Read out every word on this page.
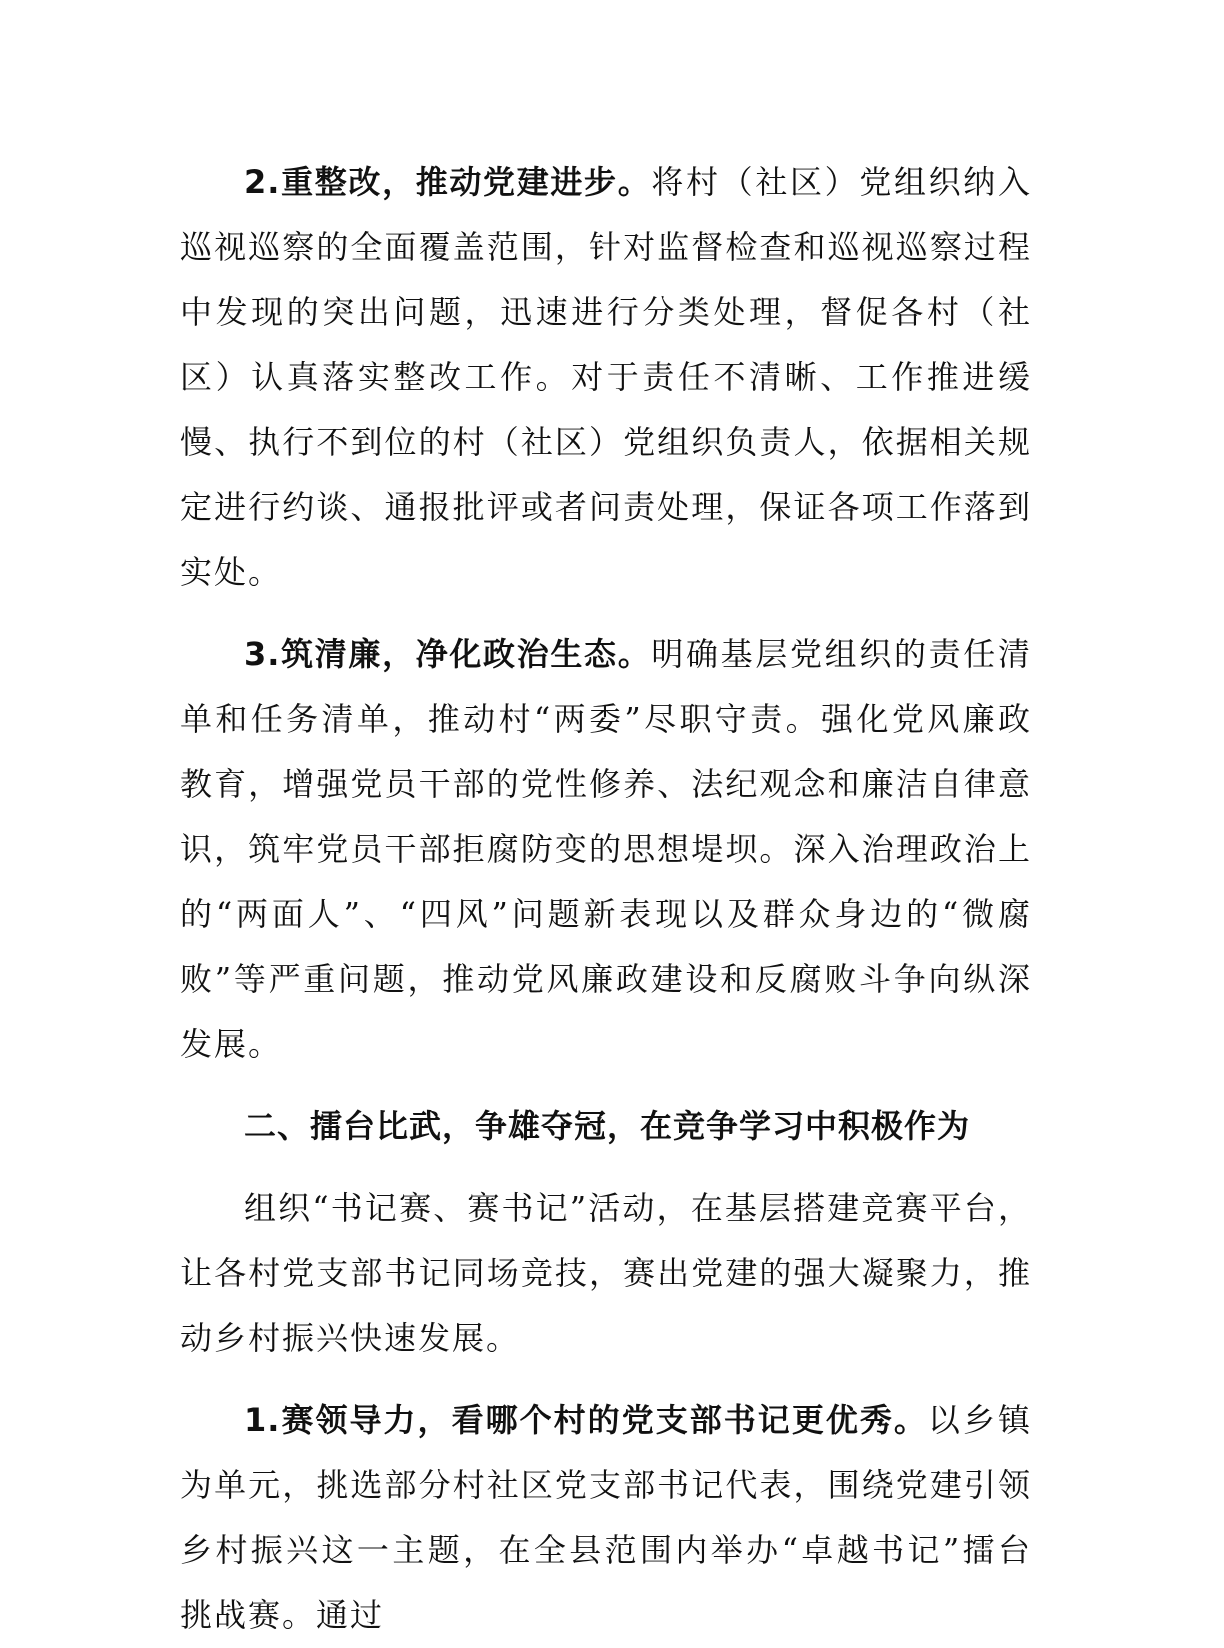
2.重整改，推动党建进步。将村（社区）党组织纳入巡视巡察的全面覆盖范围，针对监督检查和巡视巡察过程中发现的突出问题，迅速进行分类处理，督促各村（社区）认真落实整改工作。对于责任不清晰、工作推进缓慢、执行不到位的村（社区）党组织负责人，依据相关规定进行约谈、通报批评或者问责处理，保证各项工作落到实处。

3.筑清廉，净化政治生态。明确基层党组织的责任清单和任务清单，推动村“两委”尽职守责。强化党风廉政教育，增强党员干部的党性修养、法纪观念和廉洁自律意识，筑牢党员干部拒腐防变的思想堤坝。深入治理政治上的“两面人”、“四风”问题新表现以及群众身边的“微腐败”等严重问题，推动党风廉政建设和反腐败斗争向纵深发展。

二、擂台比武，争雄夺冠，在竞争学习中积极作为

组织“书记赛、赛书记”活动，在基层搭建竞赛平台，让各村党支部书记同场竞技，赛出党建的强大凝聚力，推动乡村振兴快速发展。

1.赛领导力，看哪个村的党支部书记更优秀。以乡镇为单元，挑选部分村社区党支部书记代表，围绕党建引领乡村振兴这一主题，在全县范围内举办“卓越书记”擂台挑战赛。通过
